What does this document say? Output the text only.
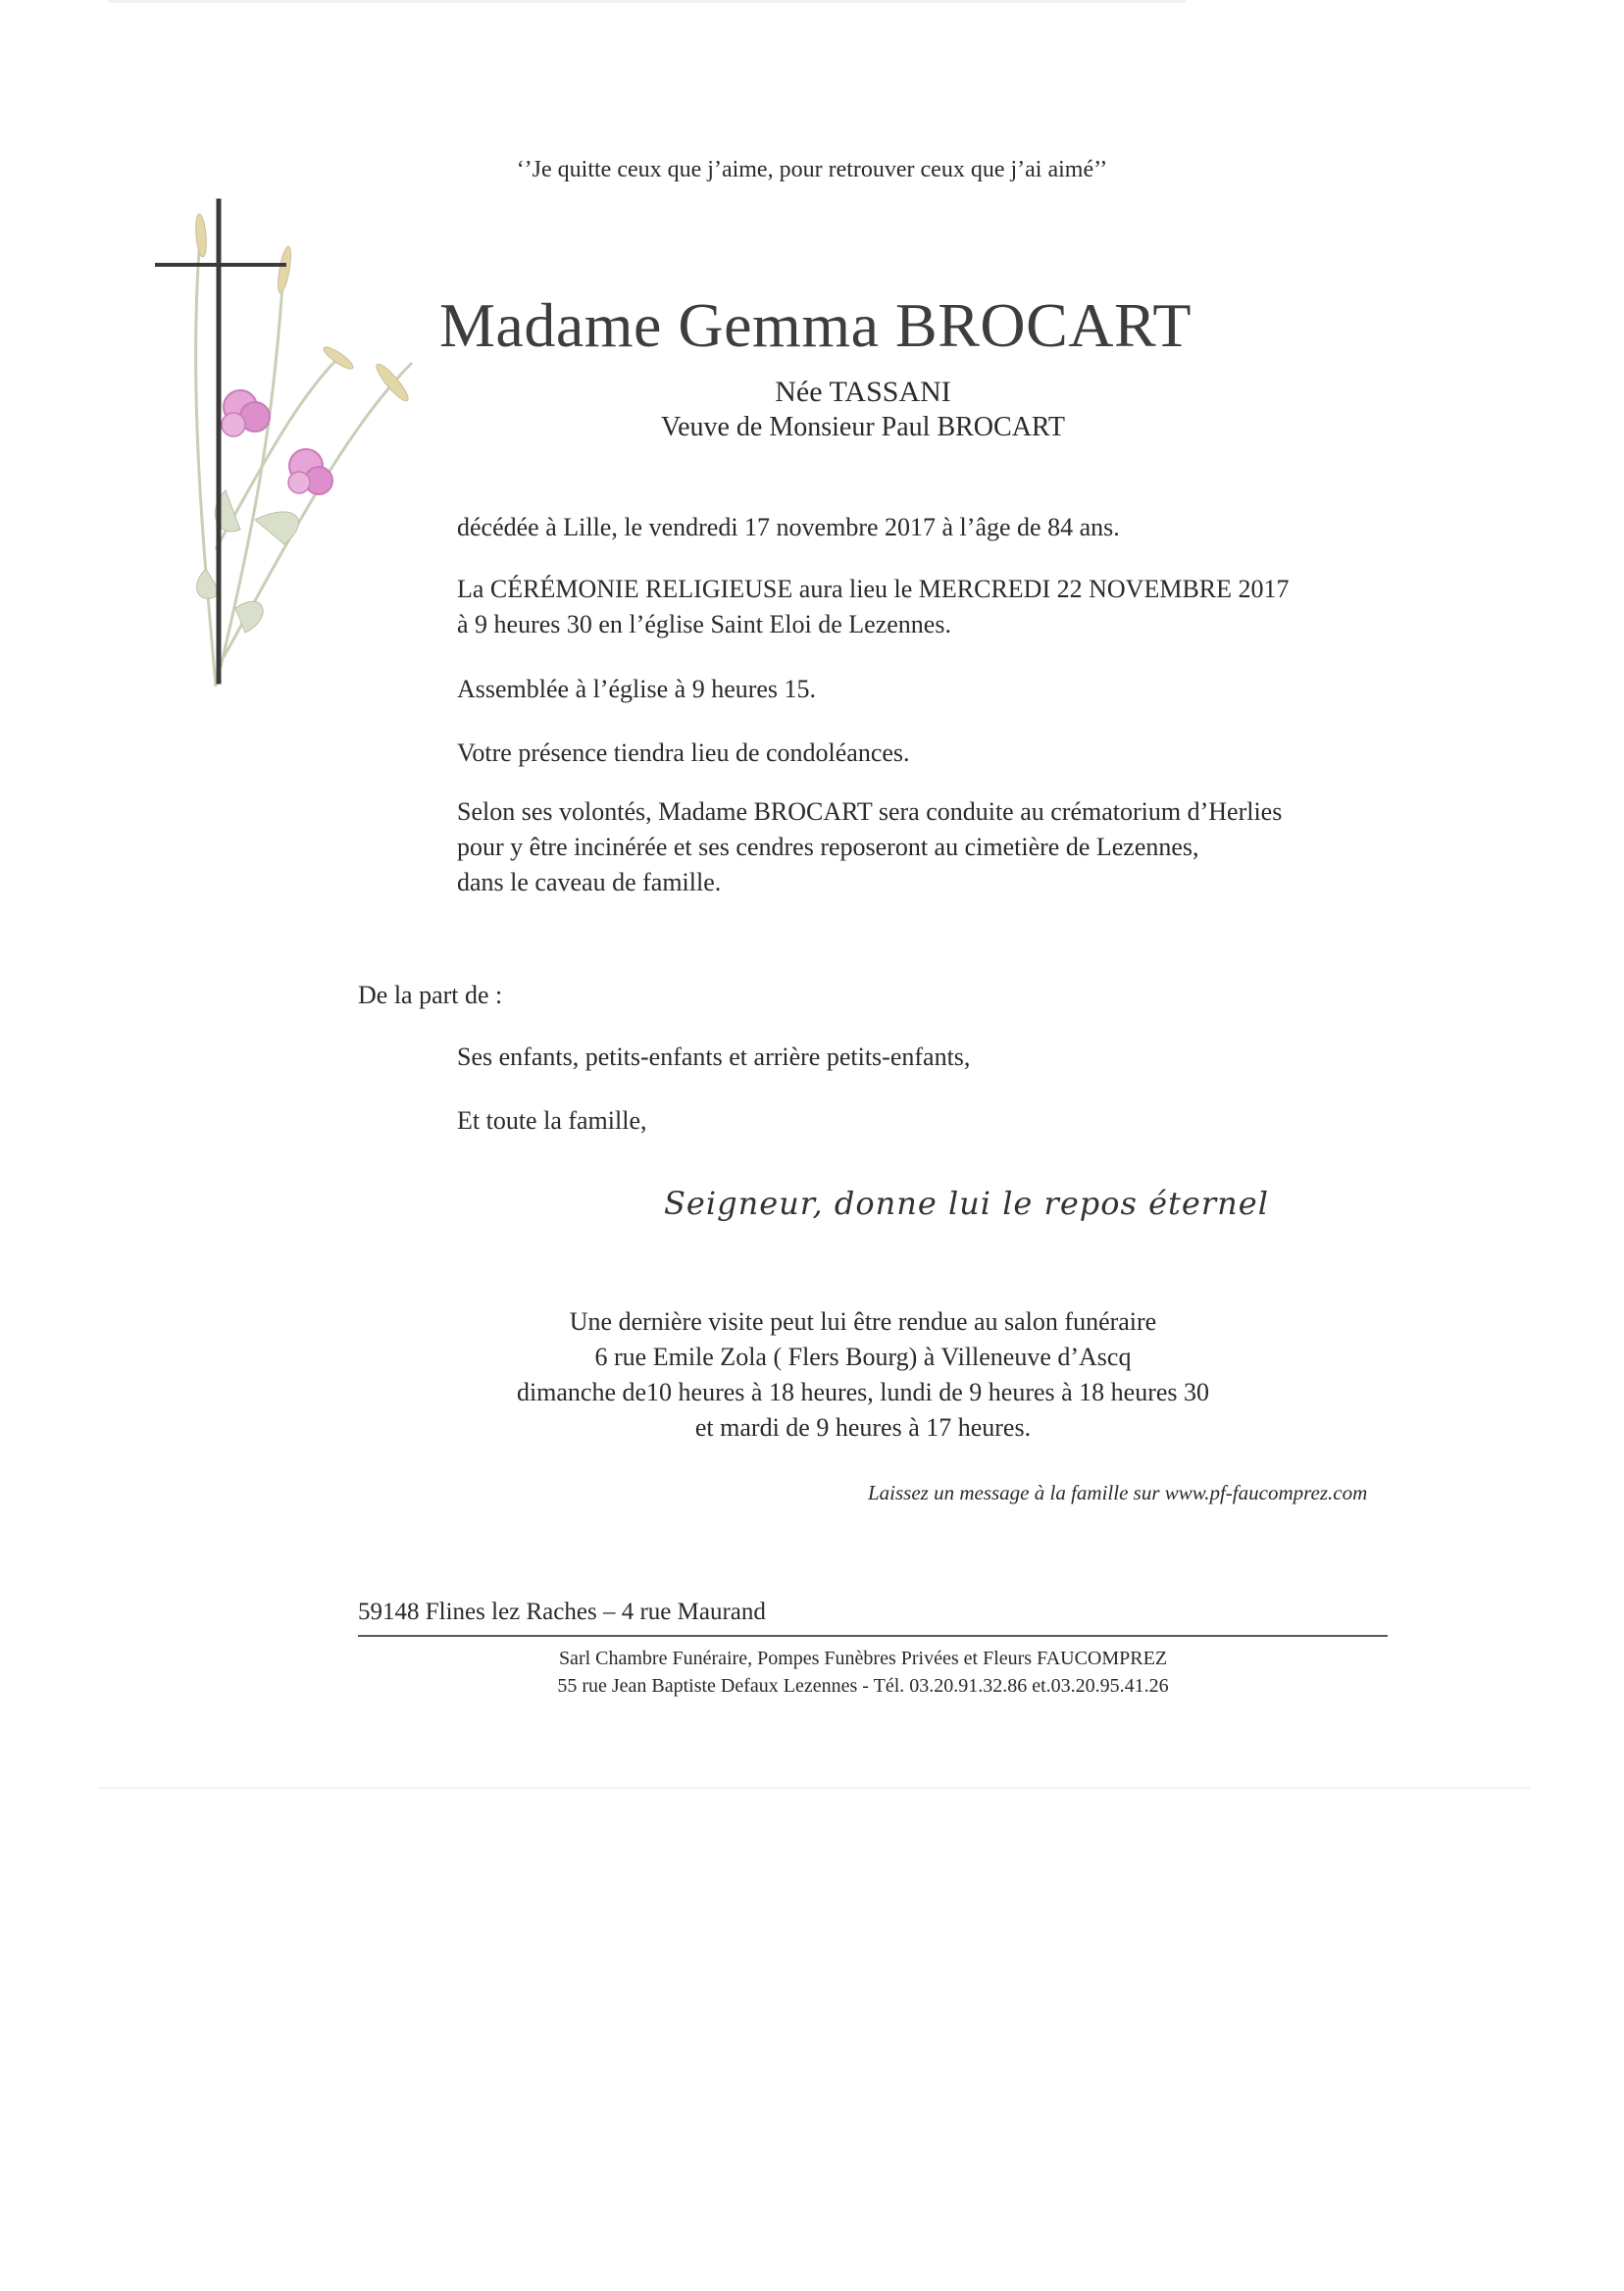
‘’Je quitte ceux que j’aime, pour retrouver ceux que j’ai aimé’’
Madame Gemma BROCART
Née TASSANI
Veuve de Monsieur Paul BROCART
décédée à Lille, le vendredi 17 novembre 2017 à l’âge de 84 ans.
La CÉRÉMONIE RELIGIEUSE aura lieu le MERCREDI 22 NOVEMBRE 2017
à 9 heures 30 en l’église Saint Eloi de Lezennes.
Assemblée à l’église à 9 heures 15.
Votre présence tiendra lieu de condoléances.
Selon ses volontés, Madame BROCART sera conduite au crématorium d’Herlies
pour y être incinérée et ses cendres reposeront au cimetière de Lezennes,
dans le caveau de famille.
De la part de :
Ses enfants, petits-enfants et arrière petits-enfants,
Et toute la famille,
Seigneur, donne lui le repos éternel
Une dernière visite peut lui être rendue au salon funéraire
6 rue Emile Zola ( Flers Bourg) à Villeneuve d’Ascq
dimanche de10 heures à 18 heures, lundi de 9 heures à 18 heures 30
et mardi de 9 heures à 17 heures.
Laissez un message à la famille sur www.pf-faucomprez.com
59148 Flines lez Raches – 4 rue Maurand
Sarl Chambre Funéraire, Pompes Funèbres Privées et Fleurs FAUCOMPREZ
55 rue Jean Baptiste Defaux Lezennes - Tél. 03.20.91.32.86 et.03.20.95.41.26
